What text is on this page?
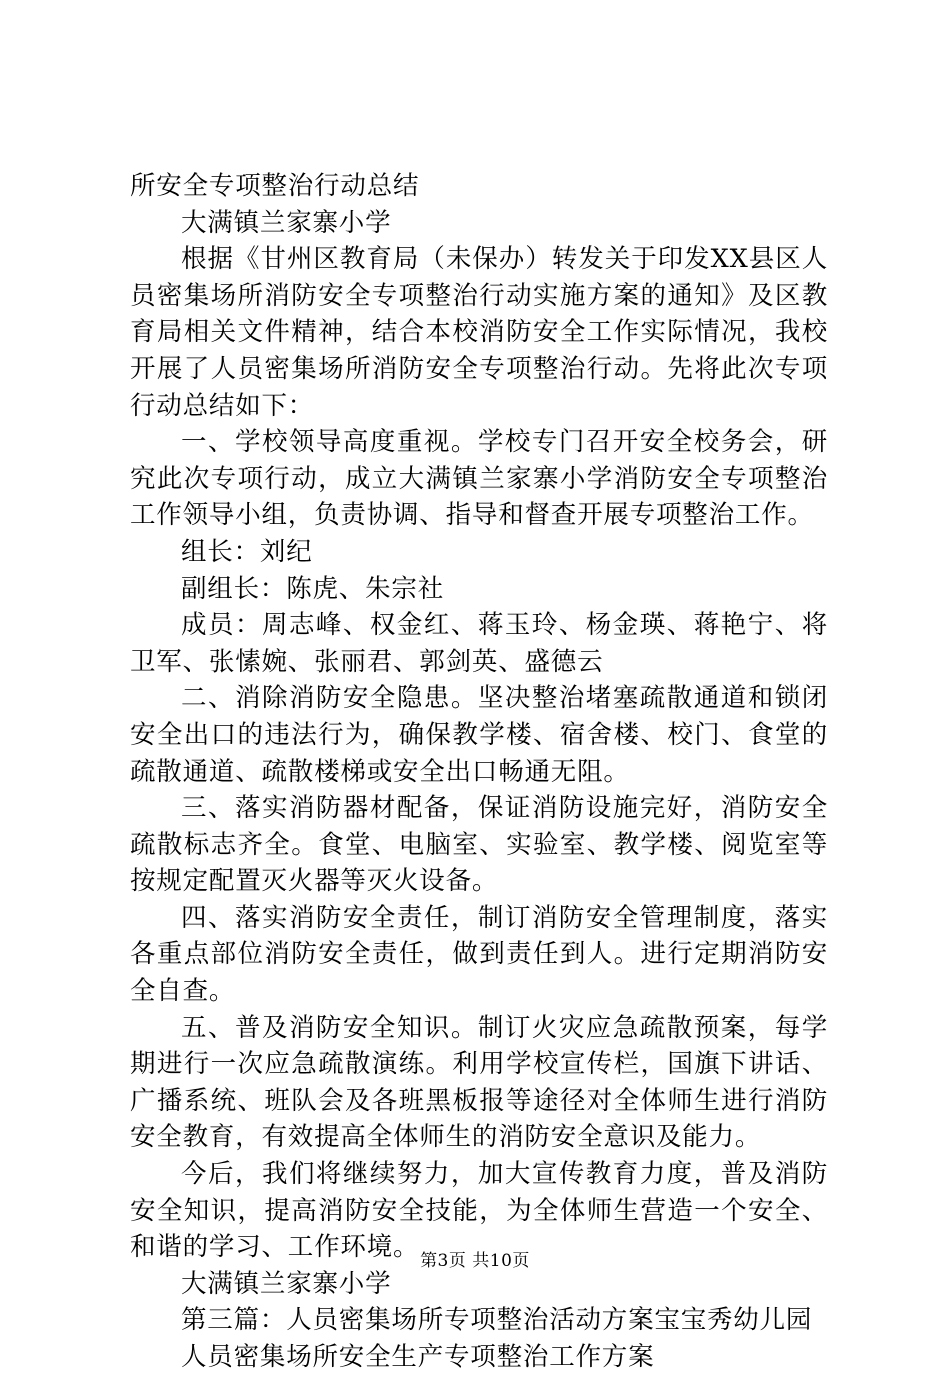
所安全专项整治行动总结
大满镇兰家寨小学

根据《甘州区教育局（未保办）转发关于印发XX县区人员密集场所消防安全专项整治行动实施方案的通知》及区教育局相关文件精神，结合本校消防安全工作实际情况，我校开展了人员密集场所消防安全专项整治行动。先将此次专项行动总结如下：

一、学校领导高度重视。学校专门召开安全校务会，研究此次专项行动，成立大满镇兰家寨小学消防安全专项整治工作领导小组，负责协调、指导和督查开展专项整治工作。

组长：刘纪
副组长：陈虎、朱宗社

成员：周志峰、权金红、蒋玉玲、杨金瑛、蒋艳宁、将卫军、张愫婉、张丽君、郭剑英、盛德云

二、消除消防安全隐患。坚决整治堵塞疏散通道和锁闭安全出口的违法行为，确保教学楼、宿舍楼、校门、食堂的疏散通道、疏散楼梯或安全出口畅通无阻。

三、落实消防器材配备，保证消防设施完好，消防安全疏散标志齐全。食堂、电脑室、实验室、教学楼、阅览室等按规定配置灭火器等灭火设备。

四、落实消防安全责任，制订消防安全管理制度，落实各重点部位消防安全责任，做到责任到人。进行定期消防安全自查。

五、普及消防安全知识。制订火灾应急疏散预案，每学期进行一次应急疏散演练。利用学校宣传栏，国旗下讲话、广播系统、班队会及各班黑板报等途径对全体师生进行消防安全教育，有效提高全体师生的消防安全意识及能力。

今后，我们将继续努力，加大宣传教育力度，普及消防安全知识，提高消防安全技能，为全体师生营造一个安全、和谐的学习、工作环境。

大满镇兰家寨小学
第三篇：人员密集场所专项整治活动方案宝宝秀幼儿园
人员密集场所安全生产专项整治工作方案
第3页 共10页
